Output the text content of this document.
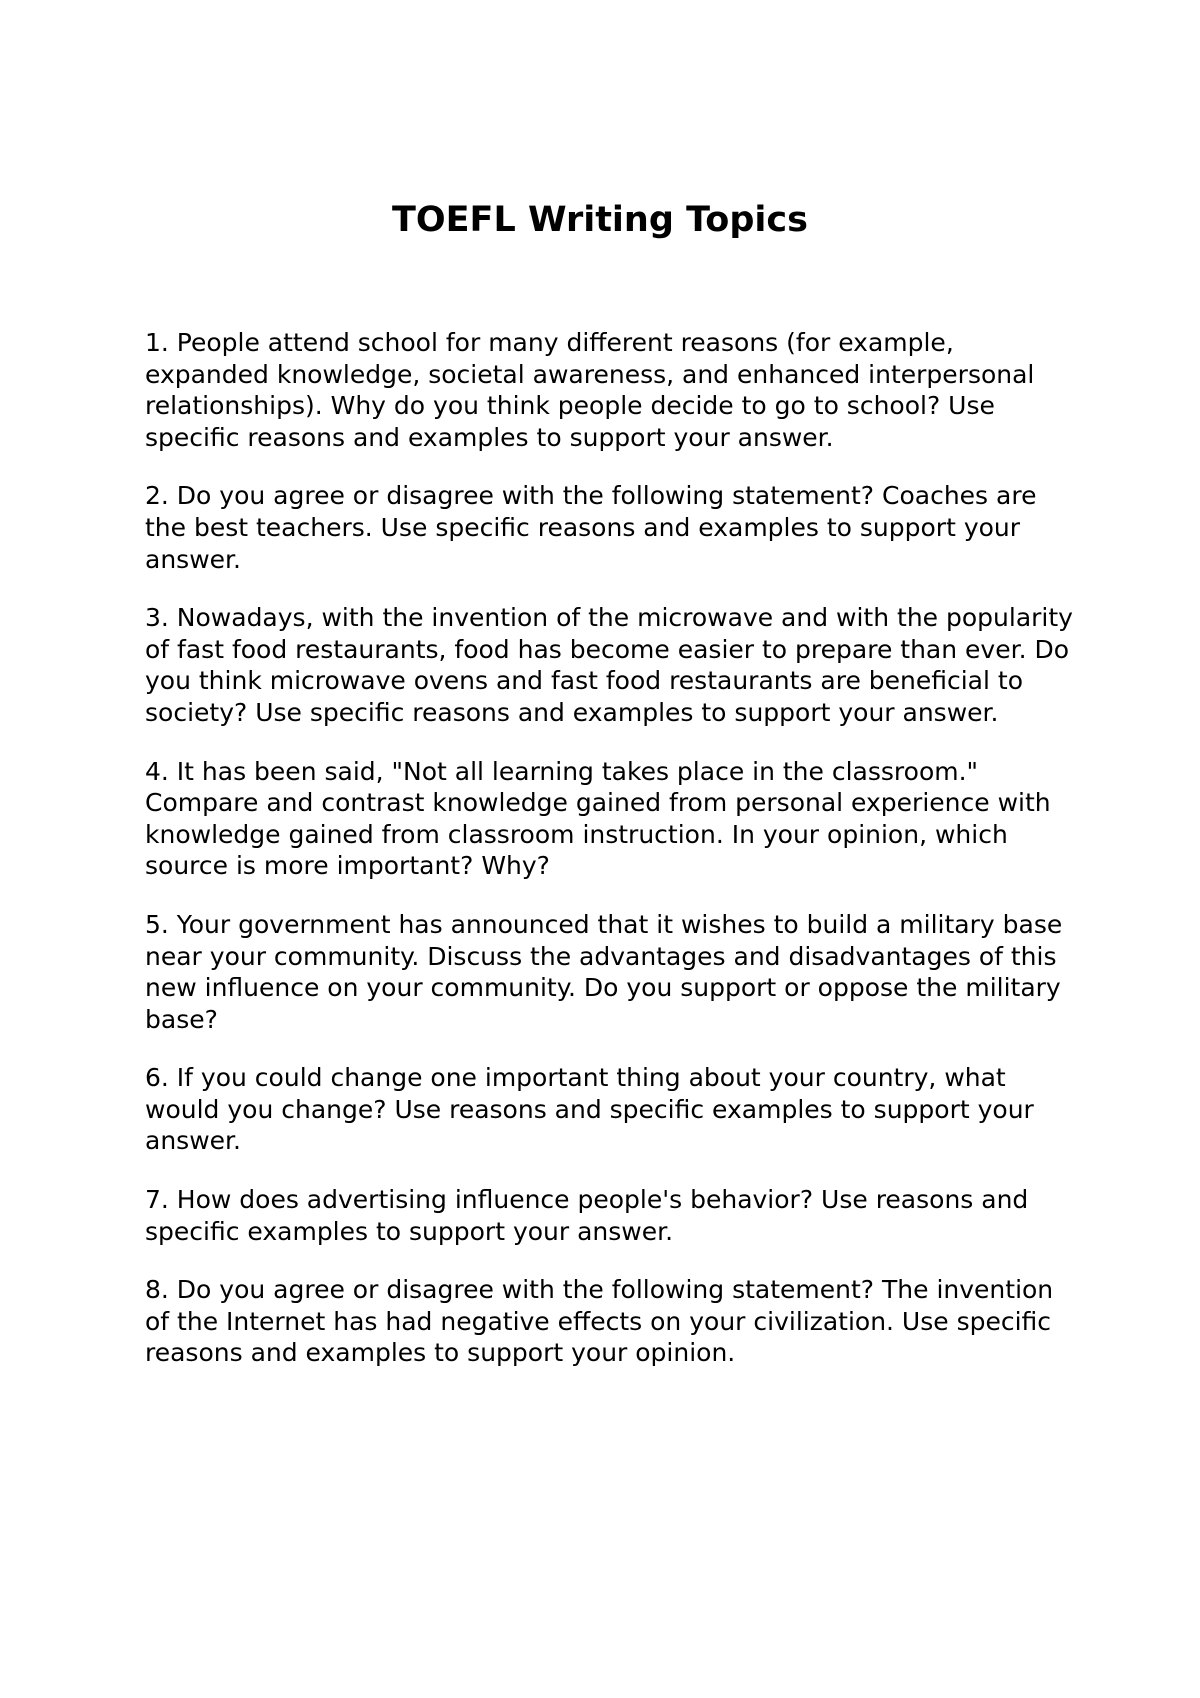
TOEFL Writing Topics
1. People attend school for many different reasons (for example, expanded knowledge, societal awareness, and enhanced interpersonal relationships). Why do you think people decide to go to school? Use specific reasons and examples to support your answer.
2. Do you agree or disagree with the following statement? Coaches are the best teachers. Use specific reasons and examples to support your answer.
3. Nowadays, with the invention of the microwave and with the popularity of fast food restaurants, food has become easier to prepare than ever. Do you think microwave ovens and fast food restaurants are beneficial to society? Use specific reasons and examples to support your answer.
4. It has been said, "Not all learning takes place in the classroom." Compare and contrast knowledge gained from personal experience with knowledge gained from classroom instruction. In your opinion, which source is more important? Why?
5. Your government has announced that it wishes to build a military base near your community. Discuss the advantages and disadvantages of this new influence on your community. Do you support or oppose the military base?
6. If you could change one important thing about your country, what would you change? Use reasons and specific examples to support your answer.
7. How does advertising influence people's behavior? Use reasons and specific examples to support your answer.
8. Do you agree or disagree with the following statement? The invention of the Internet has had negative effects on your civilization. Use specific reasons and examples to support your opinion.
